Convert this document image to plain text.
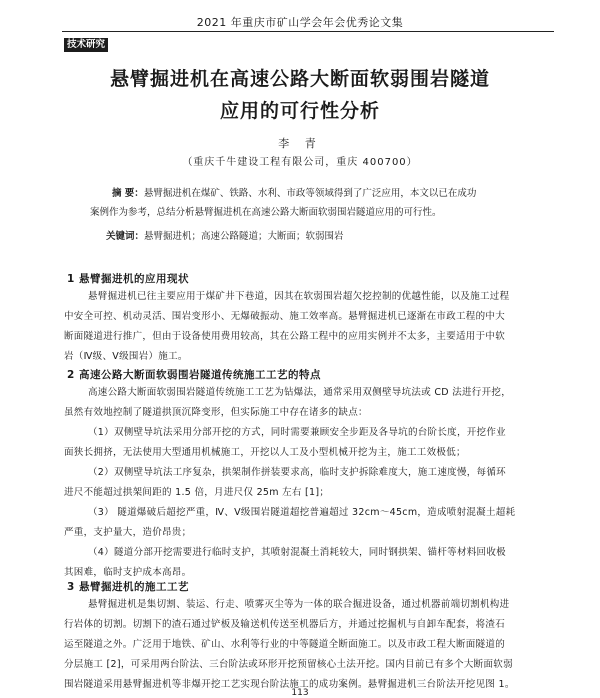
2021 年重庆市矿山学会年会优秀论文集
技术研究
悬臂掘进机在高速公路大断面软弱围岩隧道
应用的可行性分析
李 青
（重庆千牛建设工程有限公司，重庆 400700）
摘 要：悬臂掘进机在煤矿、铁路、水利、市政等领域得到了广泛应用，本文以已在成功
案例作为参考，总结分析悬臂掘进机在高速公路大断面软弱围岩隧道应用的可行性。
关键词：悬臂掘进机；高速公路隧道；大断面；软弱围岩
1 悬臂掘进机的应用现状
悬臂掘进机已往主要应用于煤矿井下巷道，因其在软弱围岩超欠挖控制的优越性能，以及施工过程
中安全可控、机动灵活、围岩变形小、无爆破振动、施工效率高。悬臂掘进机已逐渐在市政工程的中大
断面隧道进行推广，但由于设备使用费用较高，其在公路工程中的应用实例并不太多，主要适用于中软
岩（Ⅳ级、Ⅴ级围岩）施工。
2 高速公路大断面软弱围岩隧道传统施工工艺的特点
高速公路大断面软弱围岩隧道传统施工工艺为钻爆法，通常采用双侧壁导坑法或 CD 法进行开挖，
虽然有效地控制了隧道拱顶沉降变形，但实际施工中存在诸多的缺点：
（1）双侧壁导坑法采用分部开挖的方式，同时需要兼顾安全步距及各导坑的台阶长度，开挖作业
面狭长拥挤，无法使用大型通用机械施工，开挖以人工及小型机械开挖为主，施工工效极低；
（2）双侧壁导坑法工序复杂，拱架制作拼装要求高，临时支护拆除难度大，施工速度慢，每循环
进尺不能超过拱架间距的 1.5 倍，月进尺仅 25m 左右 [1]；
（3） 隧道爆破后超挖严重，Ⅳ、Ⅴ级围岩隧道超挖普遍超过 32cm～45cm，造成喷射混凝土超耗
严重，支护量大，造价昂贵；
（4）隧道分部开挖需要进行临时支护，其喷射混凝土消耗较大，同时钢拱架、锚杆等材料回收极
其困难，临时支护成本高昂。
3 悬臂掘进机的施工工艺
悬臂掘进机是集切割、装运、行走、喷雾灭尘等为一体的联合掘进设备，通过机器前端切割机构进
行岩体的切割。切割下的渣石通过铲板及输送机传送至机器后方，并通过挖掘机与自卸车配套，将渣石
运至隧道之外。广泛用于地铁、矿山、水利等行业的中等隧道全断面施工。以及市政工程大断面隧道的
分层施工 [2]，可采用两台阶法、三台阶法或环形开挖预留核心土法开挖。国内目前已有多个大断面软弱
围岩隧道采用悬臂掘进机等非爆开挖工艺实现台阶法施工的成功案例。悬臂掘进机三台阶法开挖见图 1。
113
